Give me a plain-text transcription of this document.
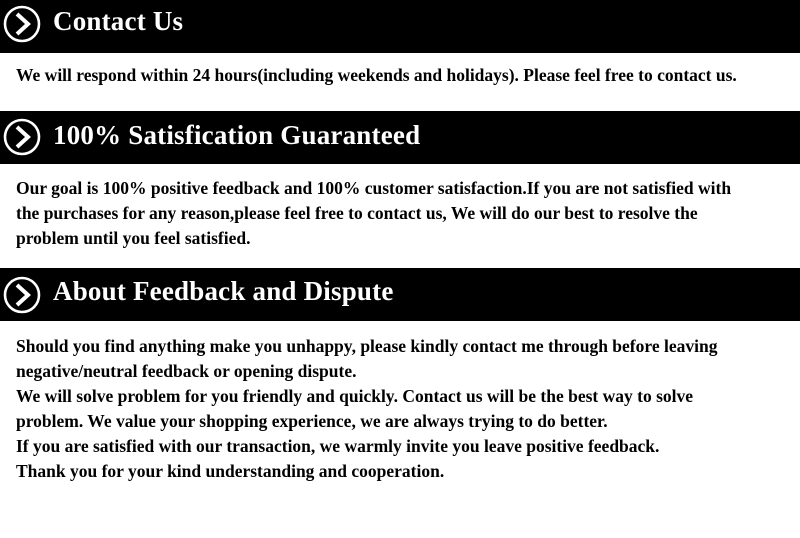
Contact Us

We will respond within 24 hours(including weekends and holidays). Please feel free to contact us.

100% Satisfication Guaranteed

Our goal is 100% positive feedback and 100% customer satisfaction.If you are not satisfied with

the purchases for any reason,please feel free to contact us, We will do our best to resolve the

problem until you feel satisfied.

About Feedback and Dispute

Should you find anything make you unhappy, please kindly contact me through before leaving

negative/neutral feedback or opening dispute.

We will solve problem for you friendly and quickly. Contact us will be the best way to solve

problem. We value your shopping experience, we are always trying to do better.

If you are satisfied with our transaction, we warmly invite you leave positive feedback.

Thank you for your kind understanding and cooperation.
